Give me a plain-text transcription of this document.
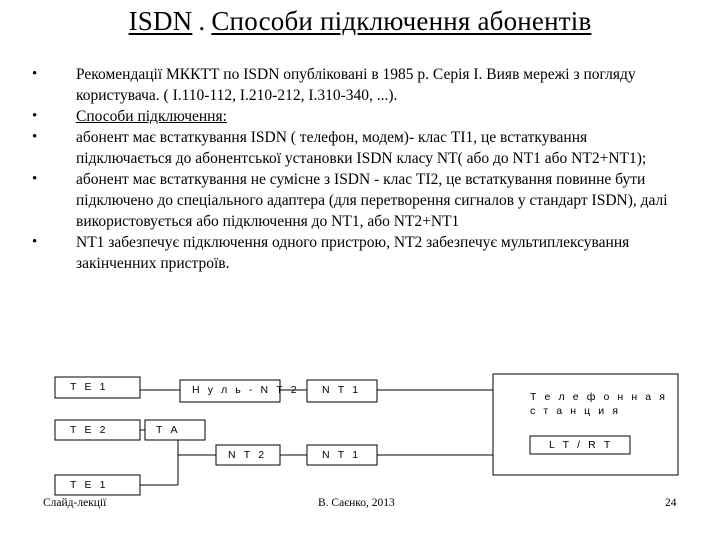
ISDN . Способи підключення абонентів
• Рекомендації МККТТ по ISDN опубліковані в 1985 р. Серія I. Вияв мережі з погляду користувача. ( I.110-112, I.210-212, I.310-340, ...).
• Способи підключення:
• абонент має встаткування ISDN ( телефон, модем)- клас TI1, це встаткування підключається до абонентської установки ISDN класу NT( або до NT1 або NT2+NT1);
• абонент має встаткування не сумісне з ISDN - клас TI2, це встаткування повинне бути підключено до спеціального адаптера (для перетворення сигналов у стандарт ISDN), далі використовується або підключення до NT1, або NT2+NT1
• NT1 забезпечує підключення одного пристрою, NT2 забезпечує мультиплексування закінченних пристроїв.
Т Е 1	Н у л ь - N Т 2 N Т 1
Т е л е ф о н н а я
с т а н ц и я
Т Е 2	Т А
N Т 2	N Т 1
L Т / R Т
Т Е 1
Слайд-лекції	В. Саєнко, 2013	24
